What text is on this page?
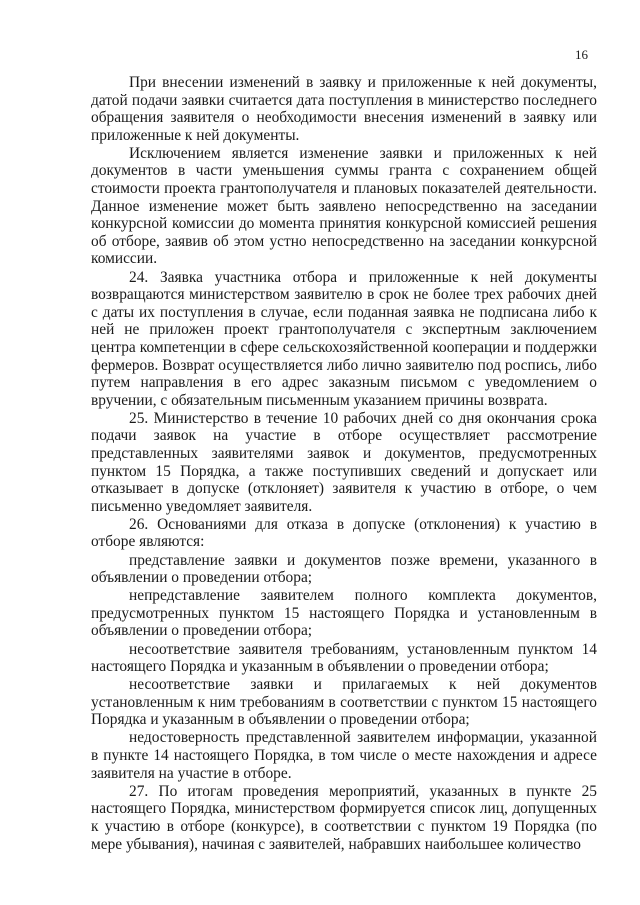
16

При внесении изменений в заявку и приложенные к ней документы, датой подачи заявки считается дата поступления в министерство последнего обращения заявителя о необходимости внесения изменений в заявку или приложенные к ней документы.

Исключением является изменение заявки и приложенных к ней документов в части уменьшения суммы гранта с сохранением общей стоимости проекта грантополучателя и плановых показателей деятельности. Данное изменение может быть заявлено непосредственно на заседании конкурсной комиссии до момента принятия конкурсной комиссией решения об отборе, заявив об этом устно непосредственно на заседании конкурсной комиссии.

24. Заявка участника отбора и приложенные к ней документы возвращаются министерством заявителю в срок не более трех рабочих дней с даты их поступления в случае, если поданная заявка не подписана либо к ней не приложен проект грантополучателя с экспертным заключением центра компетенции в сфере сельскохозяйственной кооперации и поддержки фермеров. Возврат осуществляется либо лично заявителю под роспись, либо путем направления в его адрес заказным письмом с уведомлением о вручении, с обязательным письменным указанием причины возврата.

25. Министерство в течение 10 рабочих дней со дня окончания срока подачи заявок на участие в отборе осуществляет рассмотрение представленных заявителями заявок и документов, предусмотренных пунктом 15 Порядка, а также поступивших сведений и допускает или отказывает в допуске (отклоняет) заявителя к участию в отборе, о чем письменно уведомляет заявителя.

26. Основаниями для отказа в допуске (отклонения) к участию в отборе являются:

представление заявки и документов позже времени, указанного в объявлении о проведении отбора;

непредставление заявителем полного комплекта документов, предусмотренных пунктом 15 настоящего Порядка и установленным в объявлении о проведении отбора;

несоответствие заявителя требованиям, установленным пунктом 14 настоящего Порядка и указанным в объявлении о проведении отбора;

несоответствие заявки и прилагаемых к ней документов установленным к ним требованиям в соответствии с пунктом 15 настоящего Порядка и указанным в объявлении о проведении отбора;

недостоверность представленной заявителем информации, указанной в пункте 14 настоящего Порядка, в том числе о месте нахождения и адресе заявителя на участие в отборе.

27. По итогам проведения мероприятий, указанных в пункте 25 настоящего Порядка, министерством формируется список лиц, допущенных к участию в отборе (конкурсе), в соответствии с пунктом 19 Порядка (по мере убывания), начиная с заявителей, набравших наибольшее количество
